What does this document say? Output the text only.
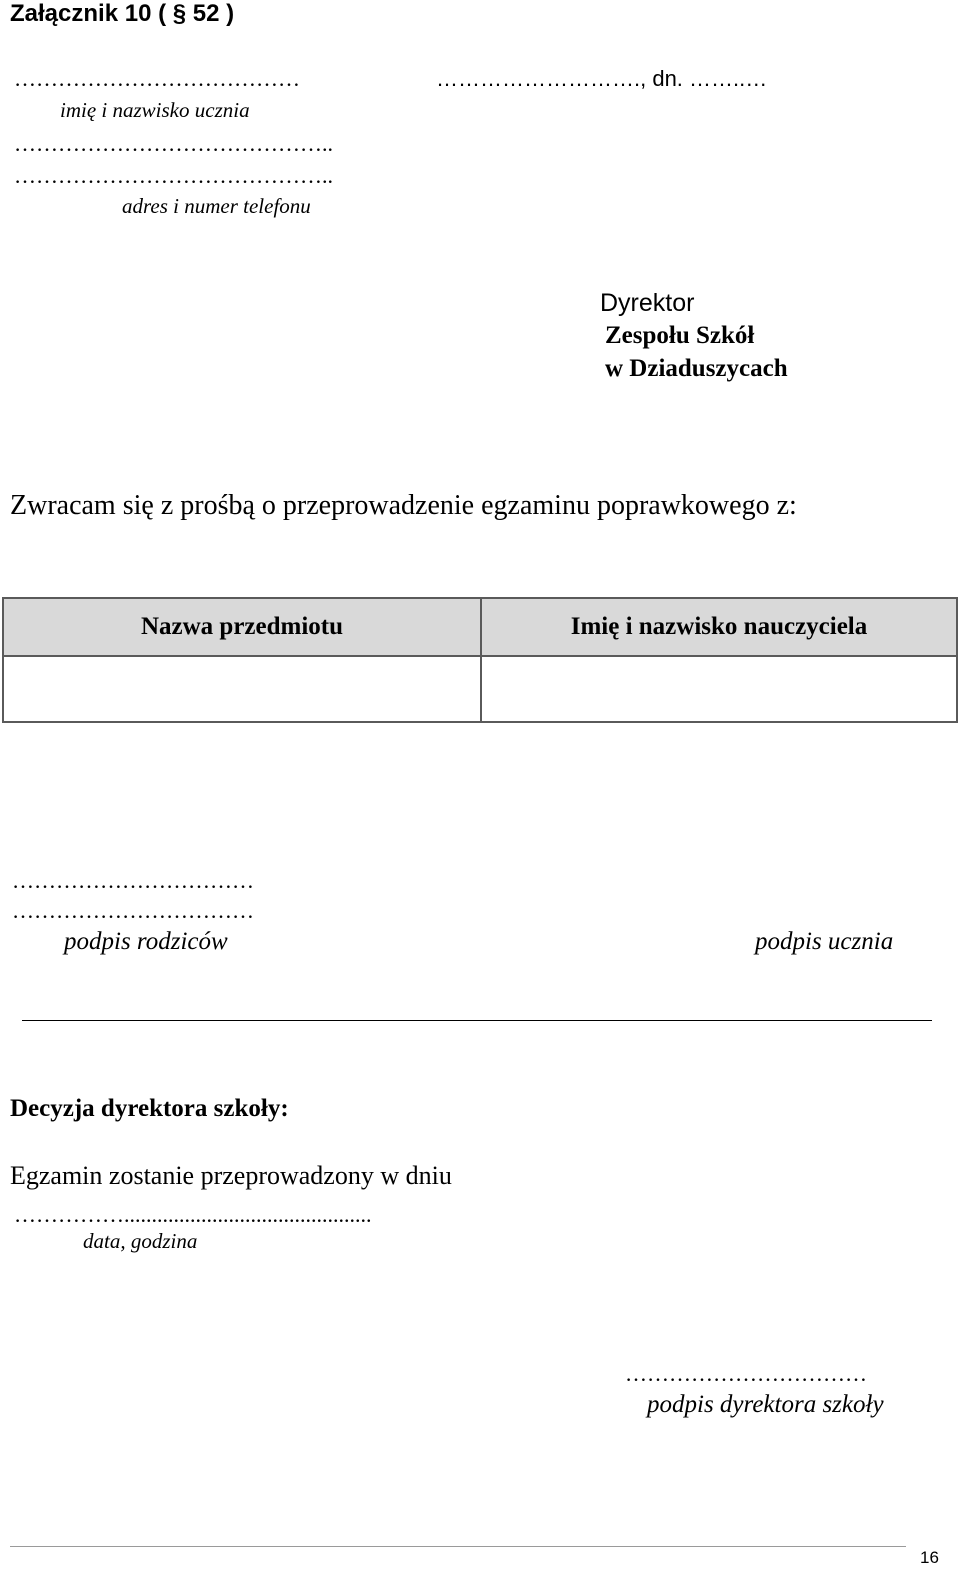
Załącznik 10 ( § 52 )
…………………………………	………………………., dn. ……..…
imię i nazwisko ucznia
……………………………………..
……………………………………..
adres i numer telefonu
Dyrektor
Zespołu Szkół
w Dziaduszycach
Zwracam się z prośbą o przeprowadzenie egzaminu poprawkowego z:
Nazwa przedmiotu	Imię i nazwisko nauczyciela

……………………………
……………………………
podpis rodziców	podpis ucznia
Decyzja dyrektora szkoły:
Egzamin zostanie przeprowadzony w dniu
…………….............................................
data, godzina
……………………………
podpis dyrektora szkoły
16
